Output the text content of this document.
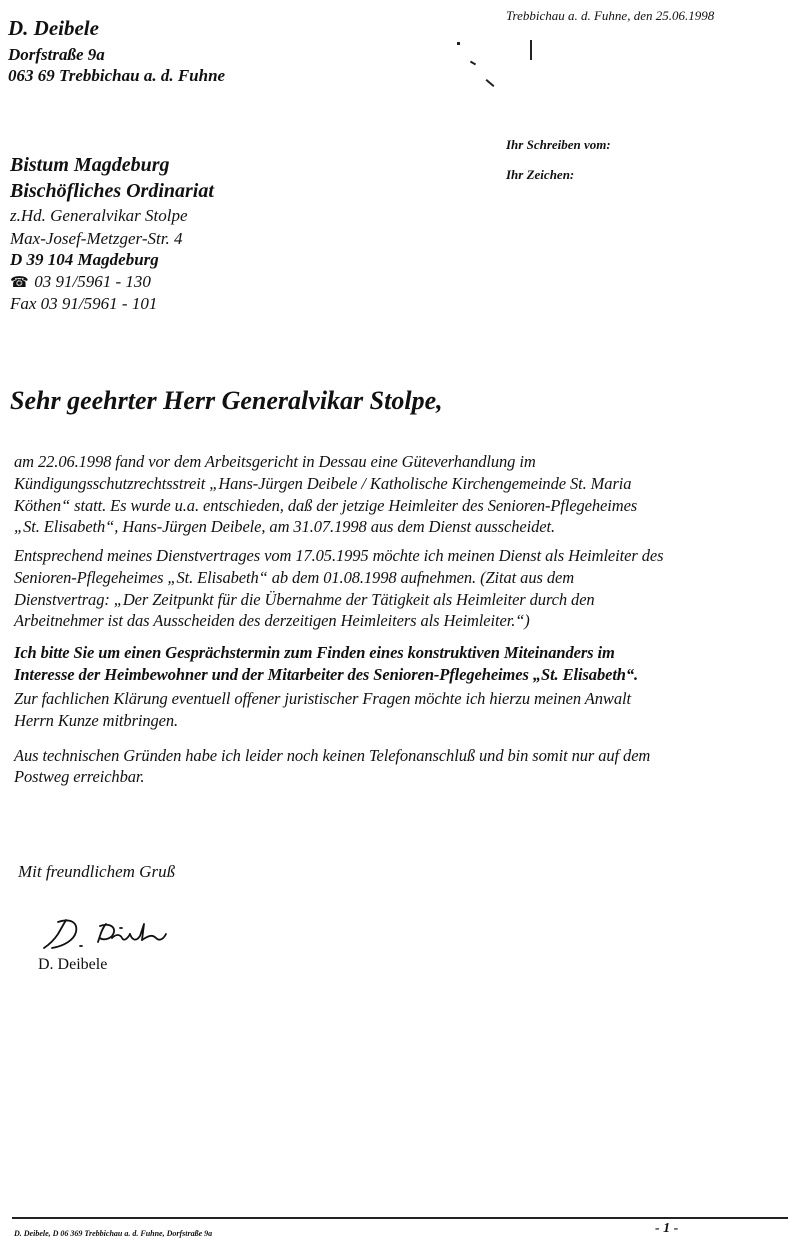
D. Deibele
Dorfstraße 9a
063 69 Trebbichau a. d. Fuhne
Trebbichau a. d. Fuhne, den 25.06.1998
Ihr Schreiben vom:
Ihr Zeichen:
Bistum Magdeburg
Bischöfliches Ordinariat
z.Hd. Generalvikar Stolpe
Max-Josef-Metzger-Str. 4
D 39 104 Magdeburg
☎ 03 91/5961 - 130
Fax 03 91/5961 - 101
Sehr geehrter Herr Generalvikar Stolpe,
am 22.06.1998 fand vor dem Arbeitsgericht in Dessau eine Güteverhandlung im
Kündigungsschutzrechtsstreit „Hans-Jürgen Deibele / Katholische Kirchengemeinde St. Maria
Köthen“ statt. Es wurde u.a. entschieden, daß der jetzige Heimleiter des Senioren-Pflegeheimes
„St. Elisabeth“, Hans-Jürgen Deibele, am 31.07.1998 aus dem Dienst ausscheidet.
Entsprechend meines Dienstvertrages vom 17.05.1995 möchte ich meinen Dienst als Heimleiter des
Senioren-Pflegeheimes „St. Elisabeth“ ab dem 01.08.1998 aufnehmen. (Zitat aus dem
Dienstvertrag: „Der Zeitpunkt für die Übernahme der Tätigkeit als Heimleiter durch den
Arbeitnehmer ist das Ausscheiden des derzeitigen Heimleiters als Heimleiter.“)
Ich bitte Sie um einen Gesprächstermin zum Finden eines konstruktiven Miteinanders im
Interesse der Heimbewohner und der Mitarbeiter des Senioren-Pflegeheimes „St. Elisabeth“.
Zur fachlichen Klärung eventuell offener juristischer Fragen möchte ich hierzu meinen Anwalt
Herrn Kunze mitbringen.
Aus technischen Gründen habe ich leider noch keinen Telefonanschluß und bin somit nur auf dem
Postweg erreichbar.
Mit freundlichem Gruß
D. Deibele
- 1 -
D. Deibele, D 06 369 Trebbichau a. d. Fuhne, Dorfstraße 9a
